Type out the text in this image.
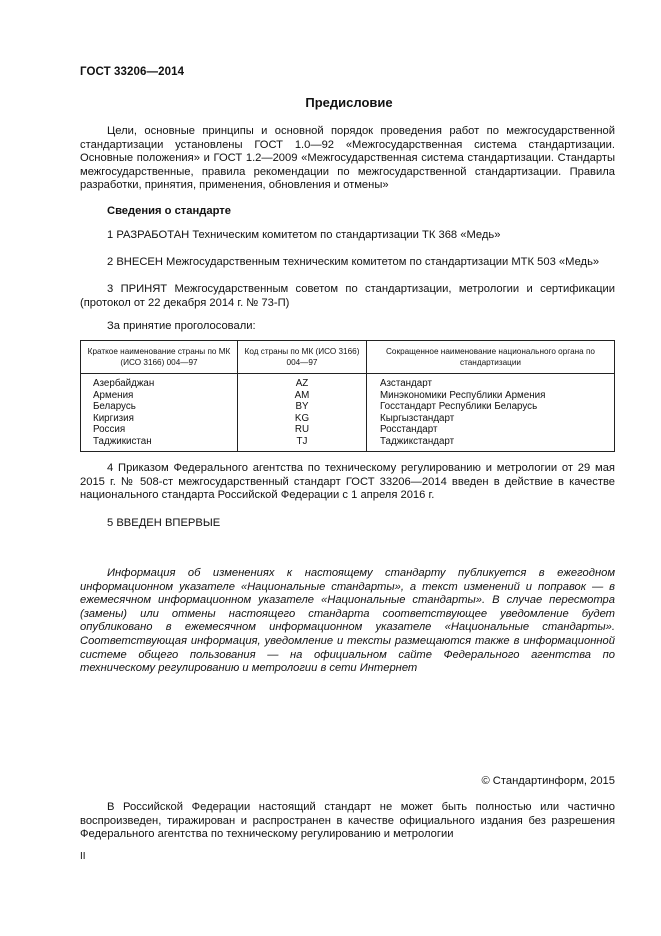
ГОСТ 33206—2014
Предисловие

Цели, основные принципы и основной порядок проведения работ по межгосударственной стандартизации установлены ГОСТ 1.0—92 «Межгосударственная система стандартизации. Основные положения» и ГОСТ 1.2—2009 «Межгосударственная система стандартизации. Стандарты межгосударственные, правила рекомендации по межгосударственной стандартизации. Правила разработки, принятия, применения, обновления и отмены»

Сведения о стандарте
1 РАЗРАБОТАН Техническим комитетом по стандартизации ТК 368 «Медь»
2 ВНЕСЕН Межгосударственным техническим комитетом по стандартизации МТК 503 «Медь»

3 ПРИНЯТ Межгосударственным советом по стандартизации, метрологии и сертификации (протокол от 22 декабря 2014 г. № 73-П)

За принятие проголосовали:
Краткое наименование страны по МК (ИСО 3166) 004—97	Код страны по МК (ИСО 3166) 004—97	Сокращенное наименование национального органа по стандартизации
Азербайджан	AZ	Азстандарт
Армения	AM	Минэкономики Республики Армения
Беларусь	BY	Госстандарт Республики Беларусь
Киргизия	KG	Кыргызстандарт
Россия	RU	Росстандарт
Таджикистан	TJ	Таджикстандарт

4 Приказом Федерального агентства по техническому регулированию и метрологии от 29 мая 2015 г. № 508-ст межгосударственный стандарт ГОСТ 33206—2014 введен в действие в качестве национального стандарта Российской Федерации с 1 апреля 2016 г.

5 ВВЕДЕН ВПЕРВЫЕ

Информация об изменениях к настоящему стандарту публикуется в ежегодном информационном указателе «Национальные стандарты», а текст изменений и поправок — в ежемесячном информационном указателе «Национальные стандарты». В случае пересмотра (замены) или отмены настоящего стандарта соответствующее уведомление будет опубликовано в ежемесячном информационном указателе «Национальные стандарты». Соответствующая информация, уведомление и тексты размещаются также в информационной системе общего пользования — на официальном сайте Федерального агентства по техническому регулированию и метрологии в сети Интернет

© Стандартинформ, 2015

В Российской Федерации настоящий стандарт не может быть полностью или частично воспроизведен, тиражирован и распространен в качестве официального издания без разрешения Федерального агентства по техническому регулированию и метрологии

II
